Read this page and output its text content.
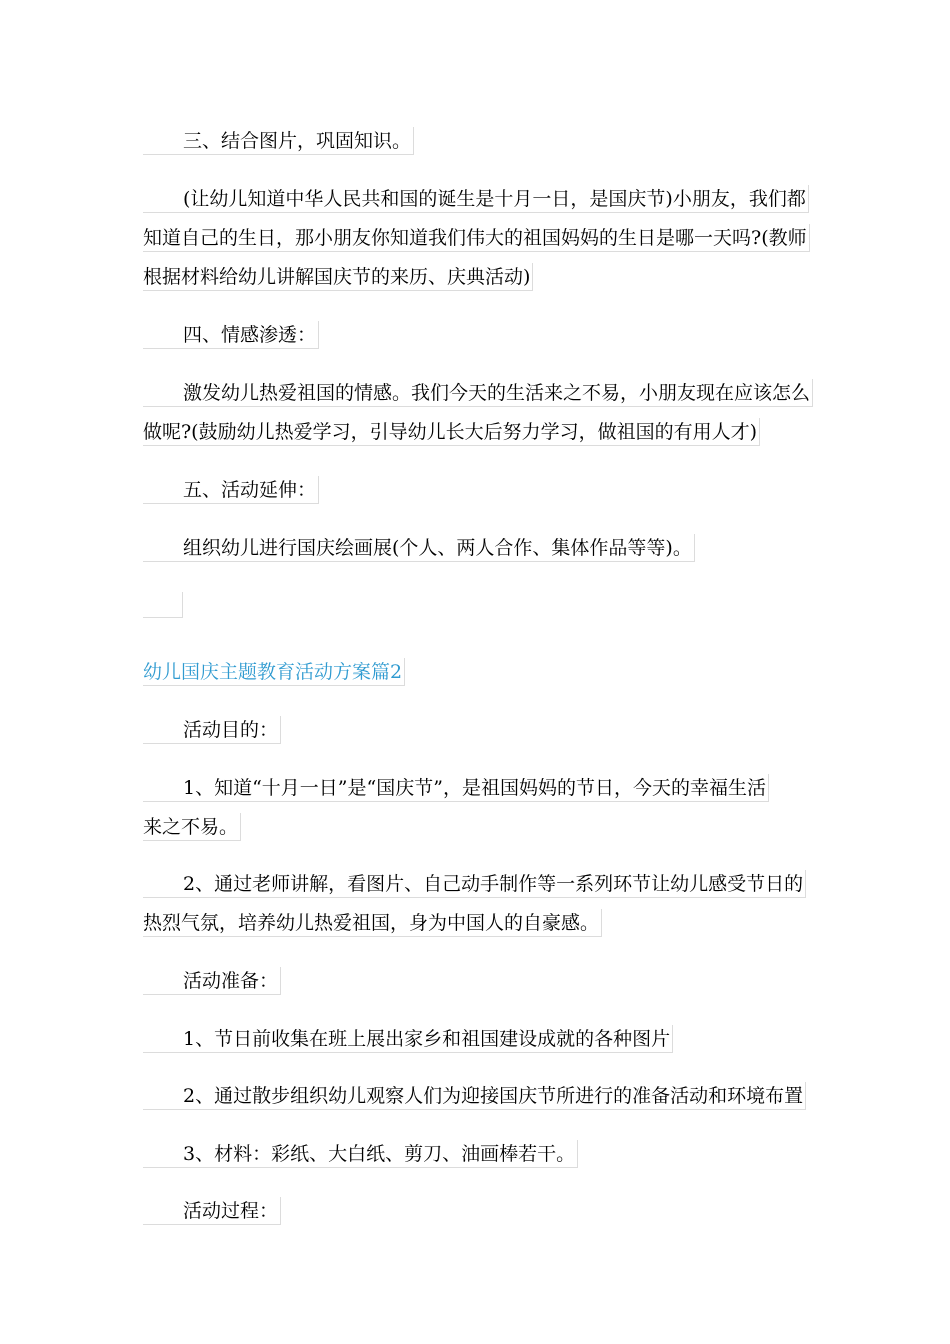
三、结合图片，巩固知识。
(让幼儿知道中华人民共和国的诞生是十月一日，是国庆节)小朋友，我们都
知道自己的生日，那小朋友你知道我们伟大的祖国妈妈的生日是哪一天吗?(教师
根据材料给幼儿讲解国庆节的来历、庆典活动)
四、情感渗透：
激发幼儿热爱祖国的情感。我们今天的生活来之不易，小朋友现在应该怎么
做呢?(鼓励幼儿热爱学习，引导幼儿长大后努力学习，做祖国的有用人才)
五、活动延伸：
组织幼儿进行国庆绘画展(个人、两人合作、集体作品等等)。
幼儿国庆主题教育活动方案篇2
活动目的：
1、知道“十月一日”是“国庆节”，是祖国妈妈的节日，今天的幸福生活
来之不易。
2、通过老师讲解，看图片、自己动手制作等一系列环节让幼儿感受节日的
热烈气氛，培养幼儿热爱祖国，身为中国人的自豪感。
活动准备：
1、节日前收集在班上展出家乡和祖国建设成就的各种图片
2、通过散步组织幼儿观察人们为迎接国庆节所进行的准备活动和环境布置
3、材料：彩纸、大白纸、剪刀、油画棒若干。
活动过程：
